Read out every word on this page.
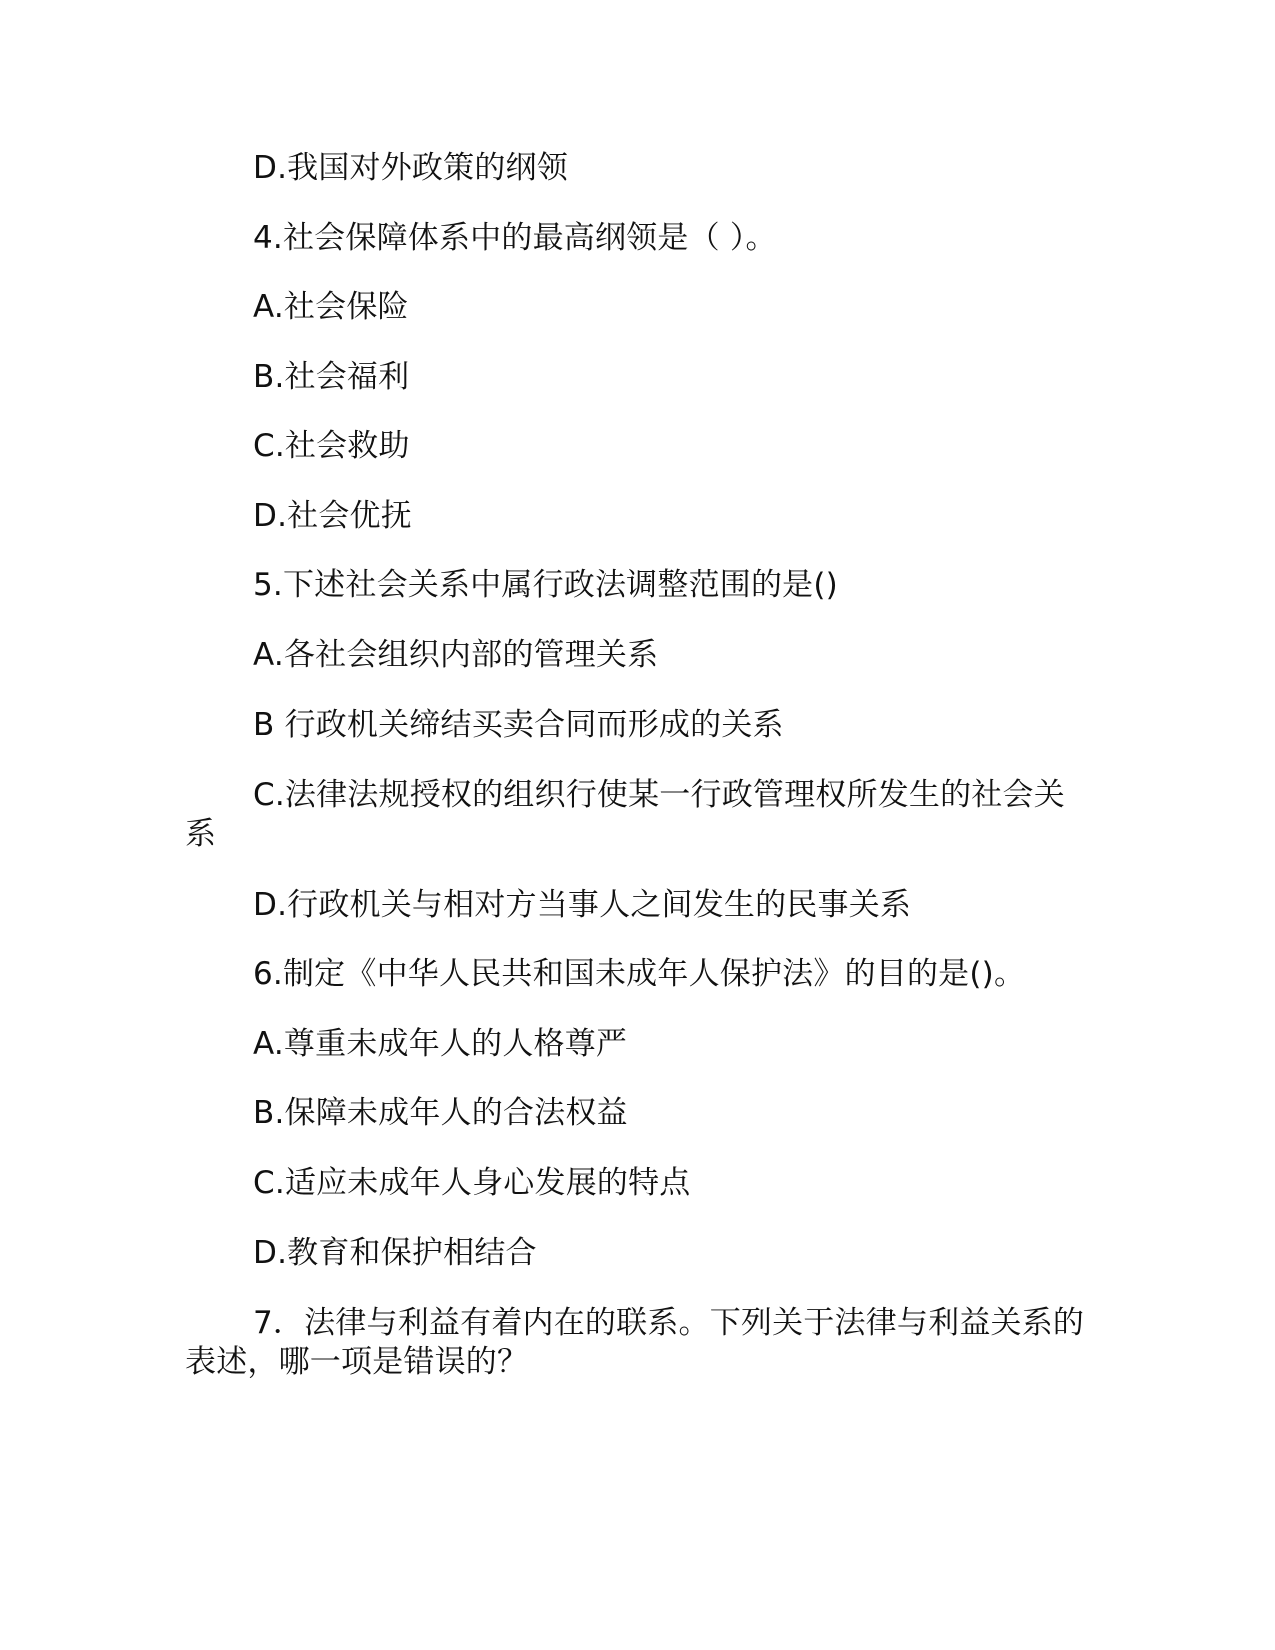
D.我国对外政策的纲领

4.社会保障体系中的最高纲领是（ ）。

A.社会保险

B.社会福利

C.社会救助

D.社会优抚

5.下述社会关系中属行政法调整范围的是()

A.各社会组织内部的管理关系

B 行政机关缔结买卖合同而形成的关系

C.法律法规授权的组织行使某一行政管理权所发生的社会关系

D.行政机关与相对方当事人之间发生的民事关系

6.制定《中华人民共和国未成年人保护法》的目的是()。

A.尊重未成年人的人格尊严

B.保障未成年人的合法权益

C.适应未成年人身心发展的特点

D.教育和保护相结合

7．法律与利益有着内在的联系。下列关于法律与利益关系的表述，哪一项是错误的？
